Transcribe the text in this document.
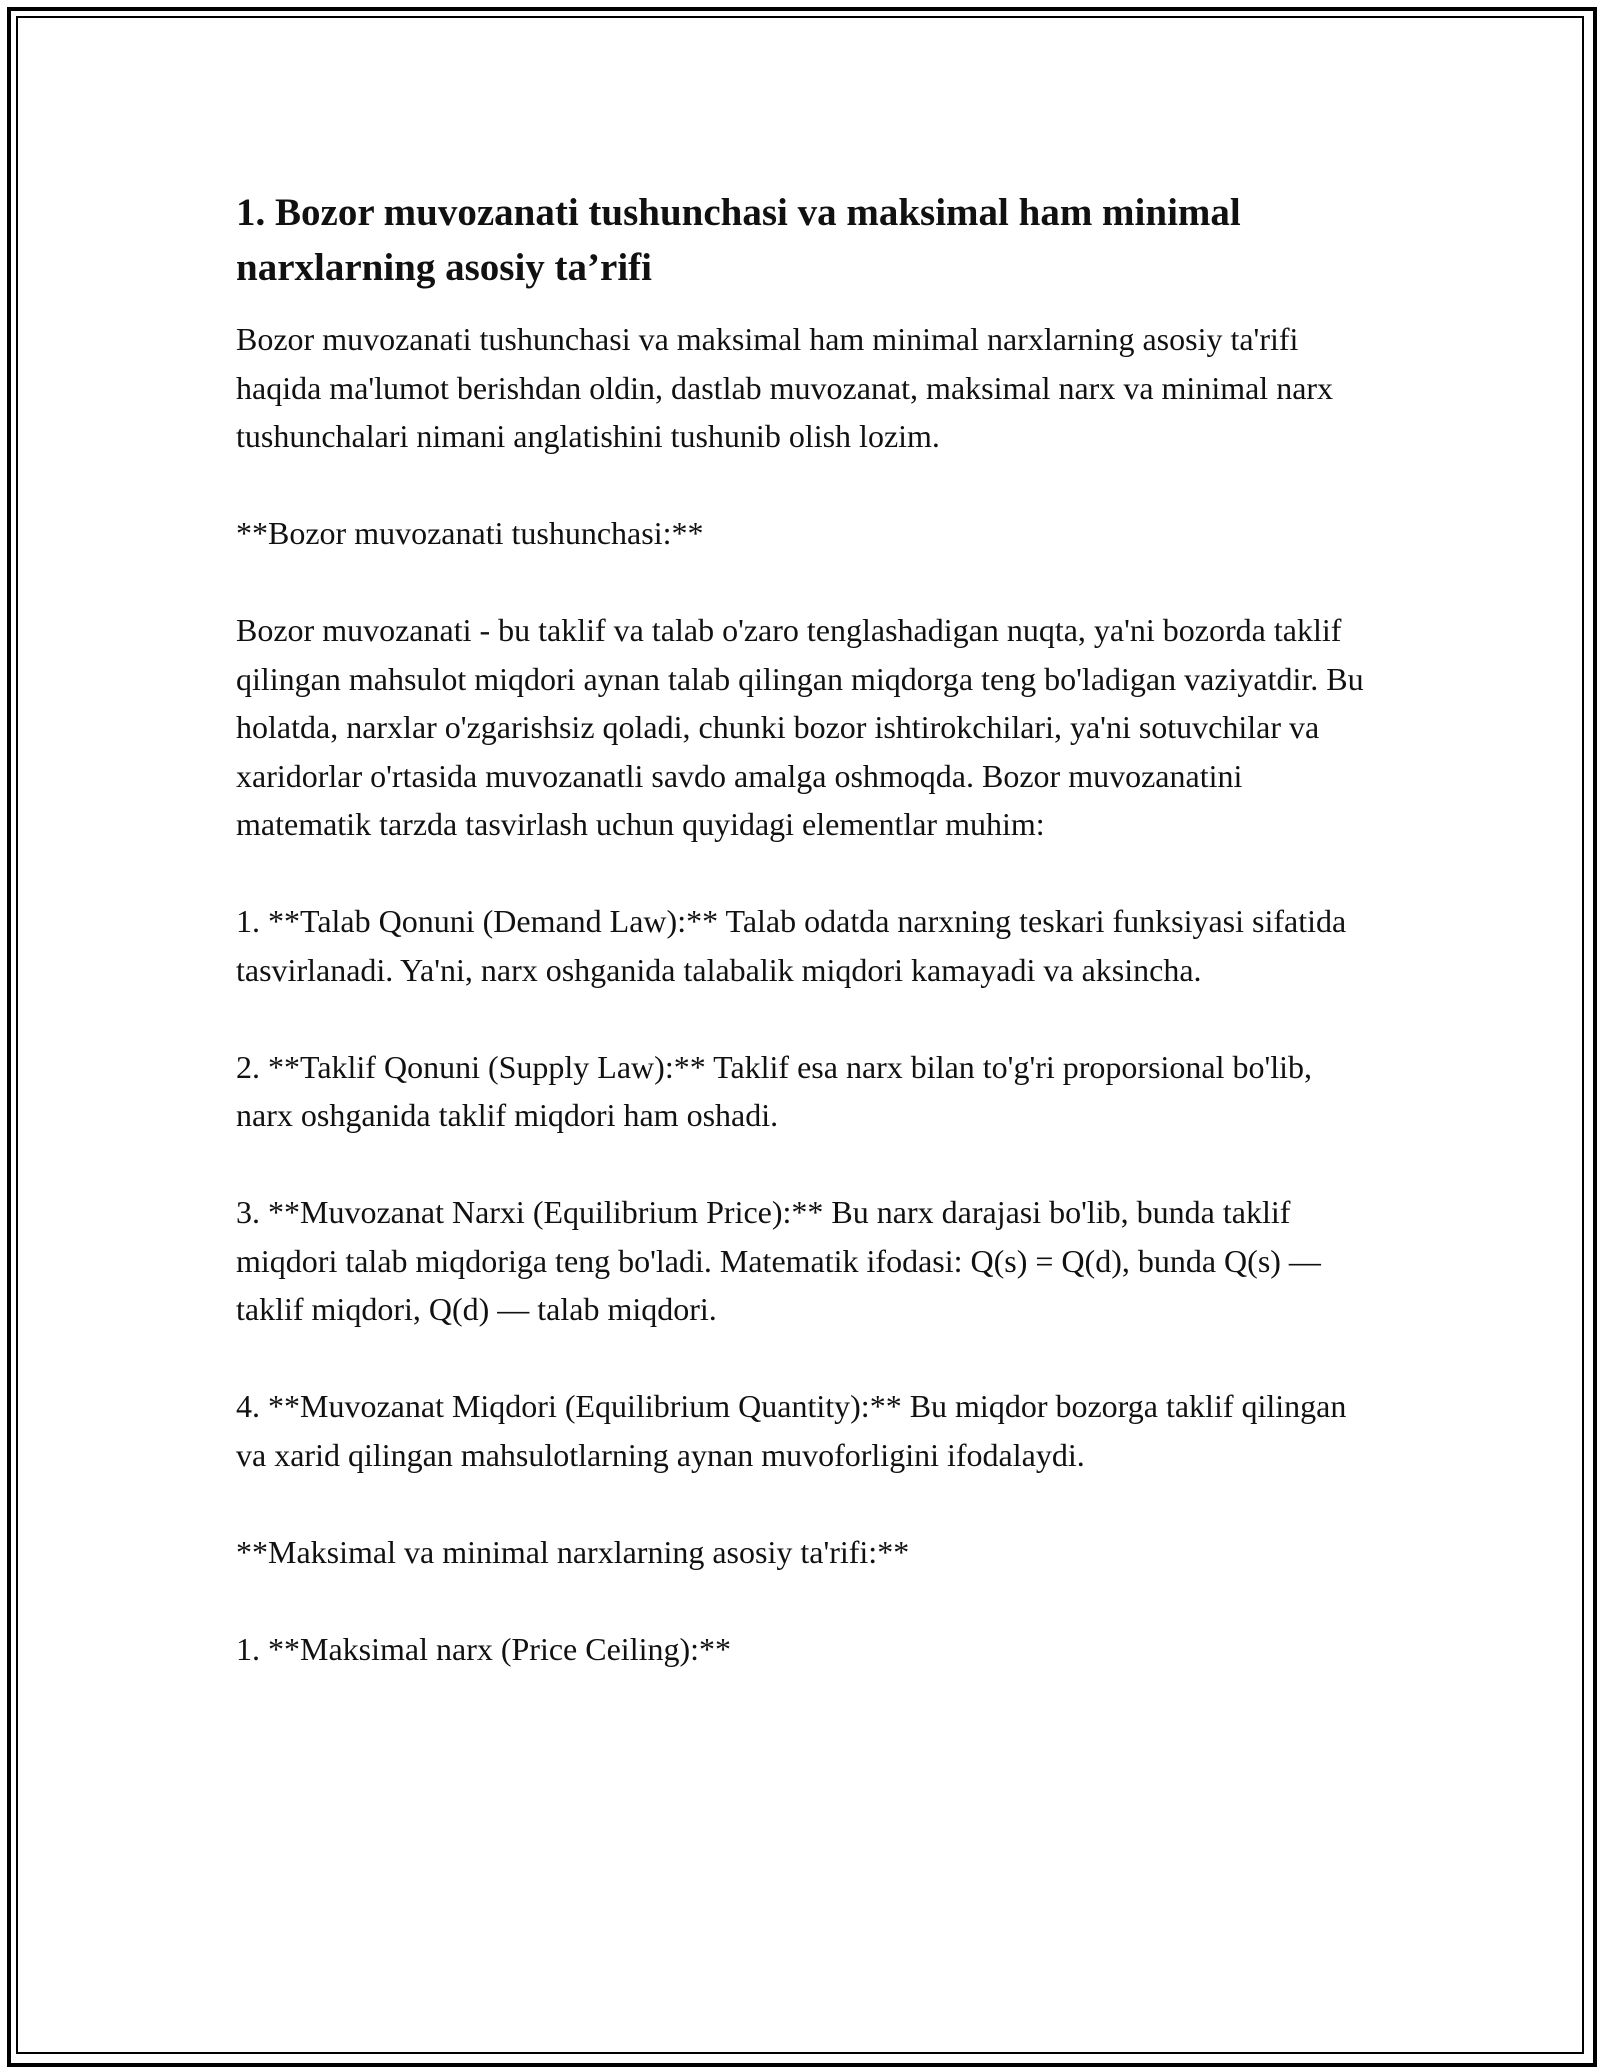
1. Bozor muvozanati tushunchasi va maksimal ham minimal narxlarning asosiy ta’rifi

Bozor muvozanati tushunchasi va maksimal ham minimal narxlarning asosiy ta'rifi haqida ma'lumot berishdan oldin, dastlab muvozanat, maksimal narx va minimal narx tushunchalari nimani anglatishini tushunib olish lozim.

**Bozor muvozanati tushunchasi:**

Bozor muvozanati - bu taklif va talab o'zaro tenglashadigan nuqta, ya'ni bozorda taklif qilingan mahsulot miqdori aynan talab qilingan miqdorga teng bo'ladigan vaziyatdir. Bu holatda, narxlar o'zgarishsiz qoladi, chunki bozor ishtirokchilari, ya'ni sotuvchilar va xaridorlar o'rtasida muvozanatli savdo amalga oshmoqda. Bozor muvozanatini matematik tarzda tasvirlash uchun quyidagi elementlar muhim:

1. **Talab Qonuni (Demand Law):** Talab odatda narxning teskari funksiyasi sifatida tasvirlanadi. Ya'ni, narx oshganida talabalik miqdori kamayadi va aksincha.

2. **Taklif Qonuni (Supply Law):** Taklif esa narx bilan to'g'ri proporsional bo'lib, narx oshganida taklif miqdori ham oshadi.

3. **Muvozanat Narxi (Equilibrium Price):** Bu narx darajasi bo'lib, bunda taklif miqdori talab miqdoriga teng bo'ladi. Matematik ifodasi: Q(s) = Q(d), bunda Q(s) — taklif miqdori, Q(d) — talab miqdori.

4. **Muvozanat Miqdori (Equilibrium Quantity):** Bu miqdor bozorga taklif qilingan va xarid qilingan mahsulotlarning aynan muvoforligini ifodalaydi.

**Maksimal va minimal narxlarning asosiy ta'rifi:**

1. **Maksimal narx (Price Ceiling):**
